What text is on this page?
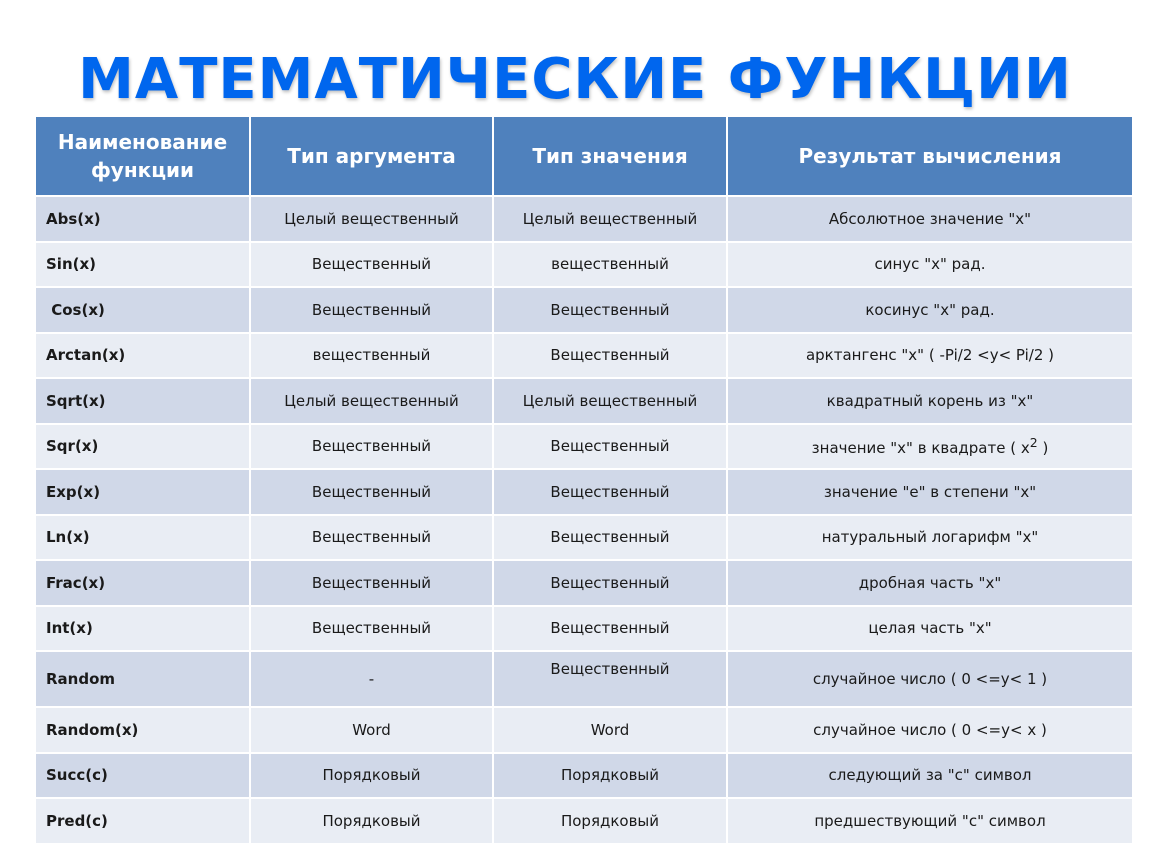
МАТЕМАТИЧЕСКИЕ ФУНКЦИИ
Наименование
функции	Тип аргумента	Тип значения	Результат вычисления
Abs(x)	Целый вещественный	Целый вещественный	Абсолютное значение "x"
Sin(x)	Вещественный	вещественный	синус "x" рад.
Cos(x)	Вещественный	Вещественный	косинус "x" рад.
Arctan(x)	вещественный	Вещественный	арктангенс "x" ( -Pi/2 <y< Pi/2 )
Sqrt(x)	Целый вещественный	Целый вещественный	квадратный корень из "x"
Sqr(x)	Вещественный	Вещественный	значение "x" в квадрате ( $x^2$ )
Exp(x)	Вещественный	Вещественный	значение "e" в степени "x"
Ln(x)	Вещественный	Вещественный	натуральный логарифм "x"
Frac(x)	Вещественный	Вещественный	дробная часть "x"
Int(x)	Вещественный	Вещественный	целая часть "x"
Random	-	Вещественный	случайное число ( 0 <=y< 1 )
Random(x)	Word	Word	случайное число ( 0 <=y< x )
Succ(c)	Порядковый	Порядковый	следующий за "c" символ
Pred(c)	Порядковый	Порядковый	предшествующий "c" символ
